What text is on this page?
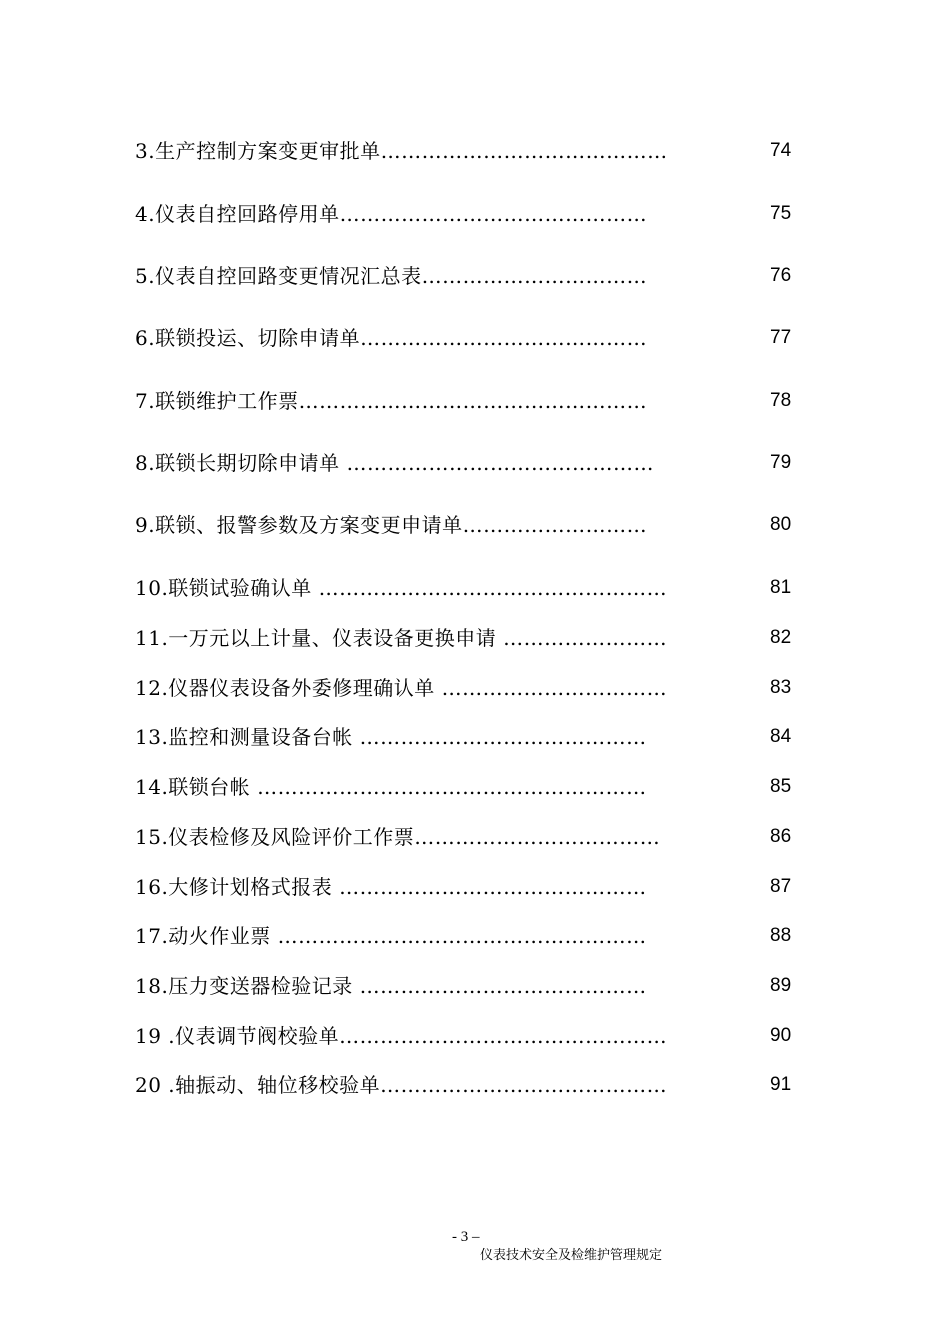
3.生产控制方案变更审批单……………………………………	74
4.仪表自控回路停用单………………………………………	75
5.仪表自控回路变更情况汇总表……………………………	76
6.联锁投运、切除申请单……………………………………	77
7.联锁维护工作票……………………………………………	78
8.联锁长期切除申请单 ………………………………………	79
9.联锁、报警参数及方案变更申请单………………………	80
10.联锁试验确认单 ……………………………………………	81
11.一万元以上计量、仪表设备更换申请 ……………………	82
12.仪器仪表设备外委修理确认单 ……………………………	83
13.监控和测量设备台帐 ……………………………………	84
14.联锁台帐 …………………………………………………	85
15.仪表检修及风险评价工作票………………………………	86
16.大修计划格式报表 ………………………………………	87
17.动火作业票 ………………………………………………	88
18.压力变送器检验记录 ……………………………………	89
19 .仪表调节阀校验单…………………………………………	90
20 .轴振动、轴位移校验单……………………………………	91
- 3 –
仪表技术安全及检维护管理规定
